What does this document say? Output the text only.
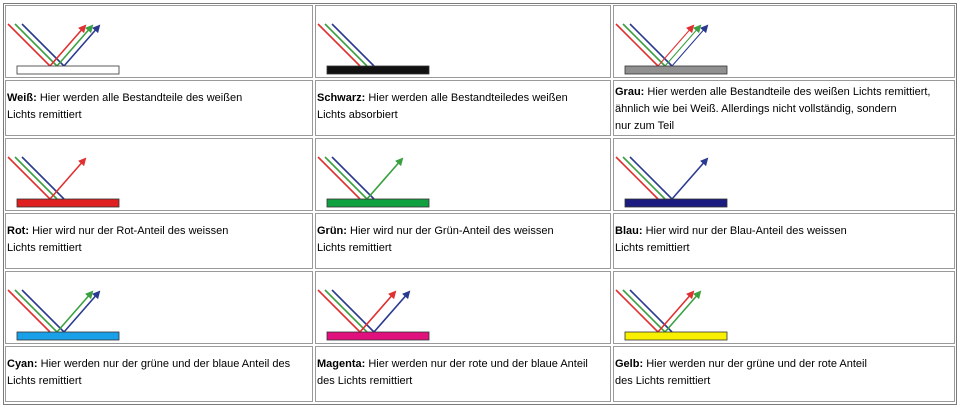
Weiß: Hier werden alle Bestandteile des weißen
Lichts remittiert
Schwarz: Hier werden alle Bestandteiledes weißen
Lichts absorbiert
Grau: Hier werden alle Bestandteile des weißen Lichts remittiert,
ähnlich wie bei Weiß. Allerdings nicht vollständig, sondern
nur zum Teil
Rot: Hier wird nur der Rot-Anteil des weissen
Lichts remittiert
Grün: Hier wird nur der Grün-Anteil des weissen
Lichts remittiert
Blau: Hier wird nur der Blau-Anteil des weissen
Lichts remittiert
Cyan: Hier werden nur der grüne und der blaue Anteil des
Lichts remittiert
Magenta: Hier werden nur der rote und der blaue Anteil
des Lichts remittiert
Gelb: Hier werden nur der grüne und der rote Anteil
des Lichts remittiert
